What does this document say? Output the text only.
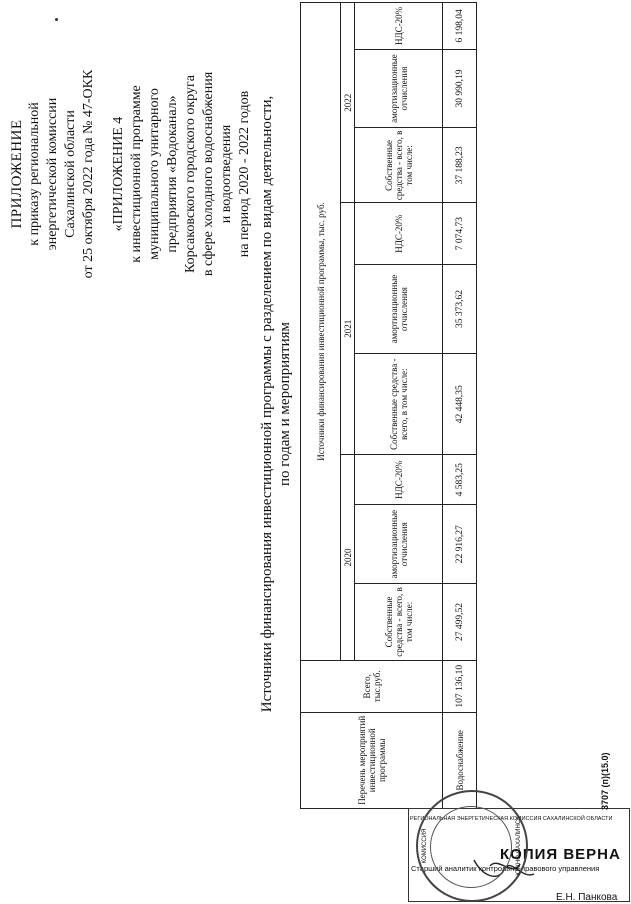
ПРИЛОЖЕНИЕ к приказу региональной энергетической комиссии Сахалинской области от 25 октября 2022 года № 47-ОКК «ПРИЛОЖЕНИЕ 4 к инвестиционной программе муниципального унитарного предприятия «Водоканал» Корсаковского городского округа в сфере холодного водоснабжения и водоотведения на период 2020 - 2022 годов Источники финансирования инвестиционной программы с разделением по видам деятельности, по годам и мероприятиям
Перечень мероприятий инвестиционной программы	Всего, тыс.руб.	Источники финансирования инвестиционной программы, тыс. руб.								
		2020			2021			2022		
		Собственные средства - всего, в том числе:	амортизационные отчисления	НДС-20%	Собственные средства - всего, в том числе:	амортизационные отчисления	НДС-20%	Собственные средства - всего, в том числе:	амортизационные отчисления	НДС-20%
Водоснабжение	107 136,10	27 499,52	22 916,27	4 583,25	42 448,35	35 373,62	7 074,73	37 188,23	30 990,19	6 198,04
РЕГИОНАЛЬНАЯ ЭНЕРГЕТИЧЕСКАЯ КОМИССИЯ САХАЛИНСКОЙ ОБЛАСТИ
КОПИЯ ВЕРНА
Старший аналитик контрольно-правового управления
Е.Н. Панкова
КОМИССИЯ	ЮЖНО-САХАЛИНСК
3707 (п)(15.0)
